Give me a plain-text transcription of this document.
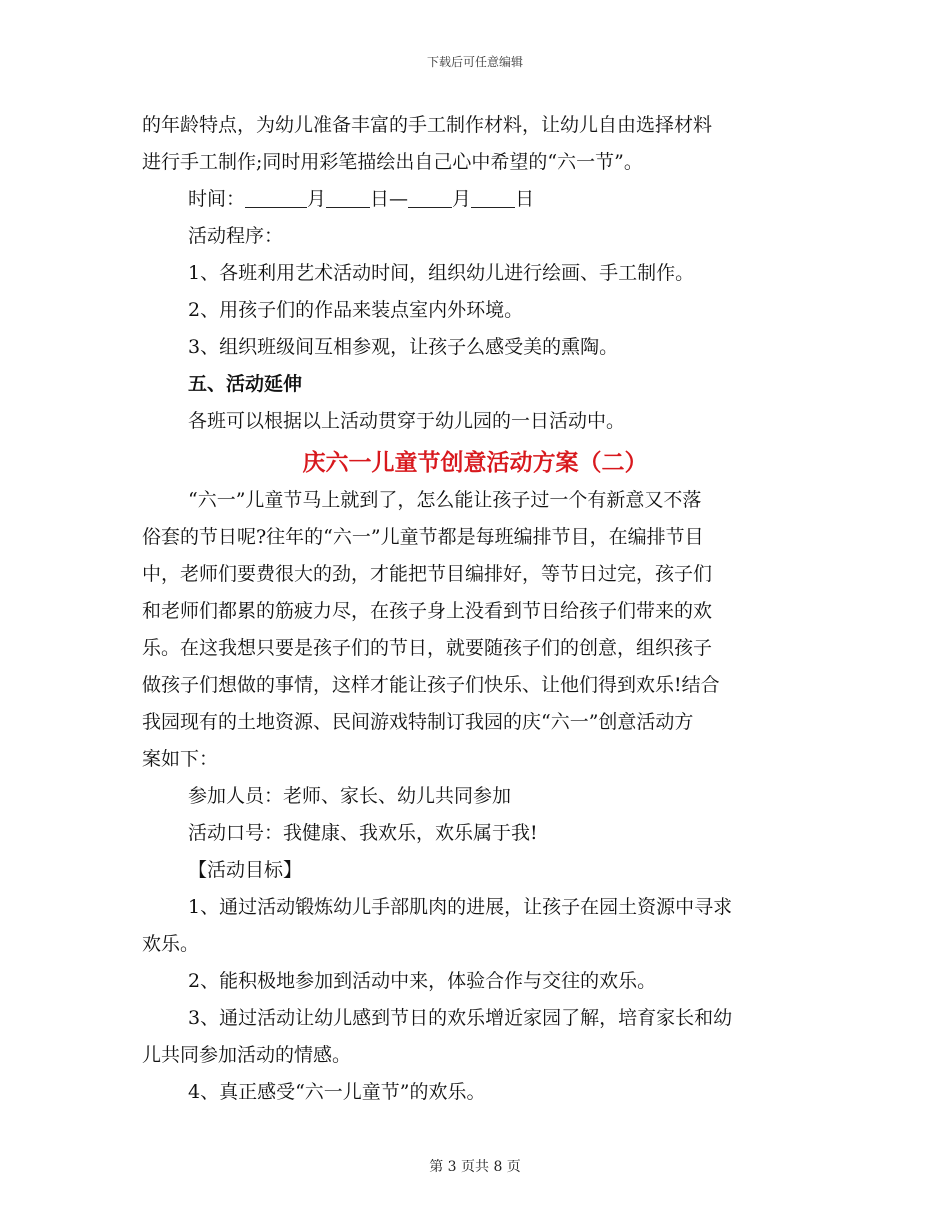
下载后可任意编辑
的年龄特点，为幼儿准备丰富的手工制作材料，让幼儿自由选择材料
进行手工制作;同时用彩笔描绘出自己心中希望的“六一节”。
时间：	月 日— 月 日
活动程序：
1、各班利用艺术活动时间，组织幼儿进行绘画、手工制作。
2、用孩子们的作品来装点室内外环境。
3、组织班级间互相参观，让孩子么感受美的熏陶。
五、活动延伸
各班可以根据以上活动贯穿于幼儿园的一日活动中。
庆六一儿童节创意活动方案（二）
“六一”儿童节马上就到了，怎么能让孩子过一个有新意又不落
俗套的节日呢?往年的“六一”儿童节都是每班编排节目，在编排节目
中，老师们要费很大的劲，才能把节目编排好，等节日过完，孩子们
和老师们都累的筋疲力尽，在孩子身上没看到节日给孩子们带来的欢
乐。在这我想只要是孩子们的节日，就要随孩子们的创意，组织孩子
做孩子们想做的事情，这样才能让孩子们快乐、让他们得到欢乐!结合
我园现有的土地资源、民间游戏特制订我园的庆“六一”创意活动方
案如下：
参加人员：老师、家长、幼儿共同参加
活动口号：我健康、我欢乐，欢乐属于我!
【活动目标】
1、通过活动锻炼幼儿手部肌肉的进展，让孩子在园土资源中寻求
欢乐。
2、能积极地参加到活动中来，体验合作与交往的欢乐。
3、通过活动让幼儿感到节日的欢乐增近家园了解，培育家长和幼
儿共同参加活动的情感。
4、真正感受“六一儿童节”的欢乐。
第 3 页共 8 页
